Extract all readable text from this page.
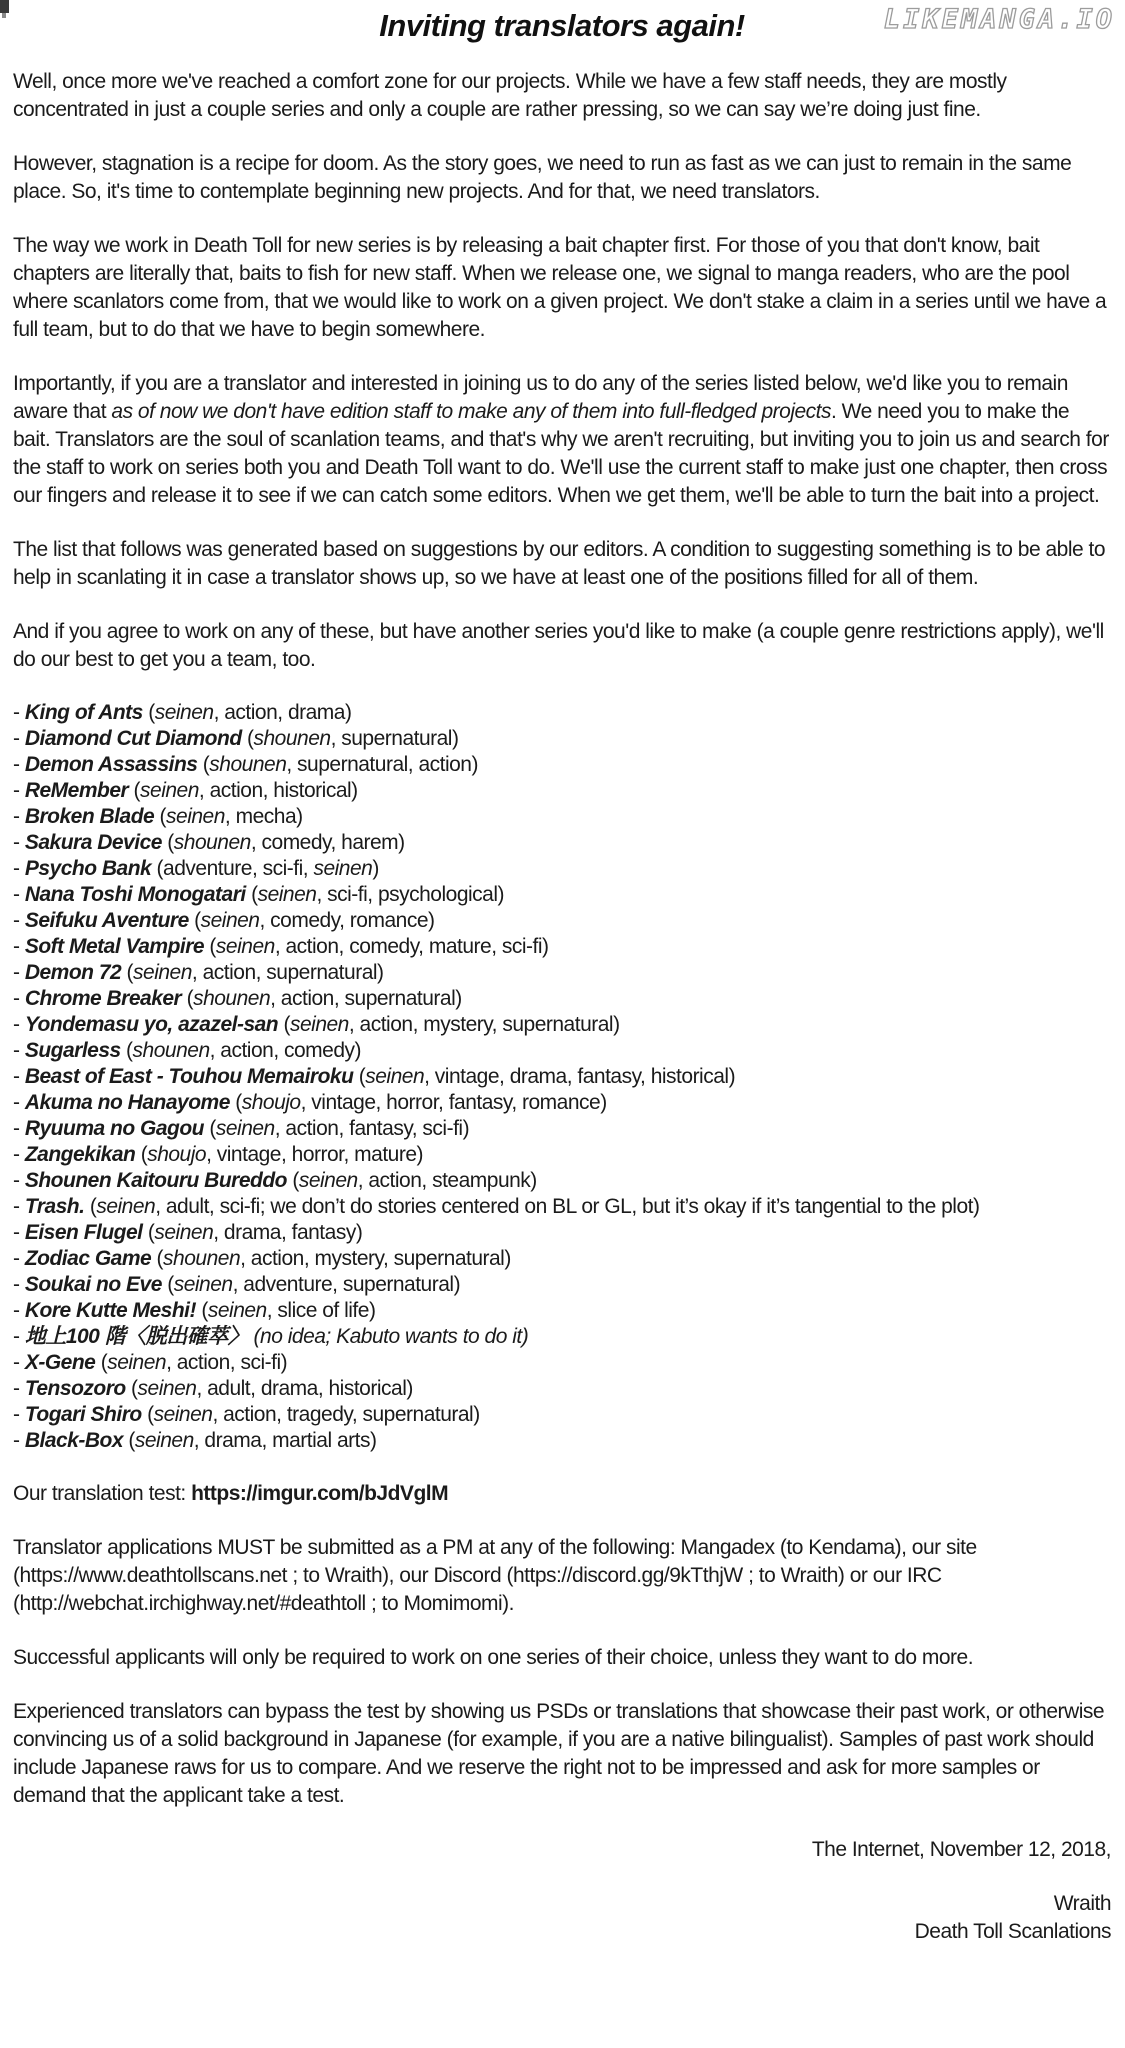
LIKEMANGA.IO
Inviting translators again!

Well, once more we've reached a comfort zone for our projects. While we have a few staff needs, they are mostly concentrated in just a couple series and only a couple are rather pressing, so we can say we’re doing just fine.

However, stagnation is a recipe for doom. As the story goes, we need to run as fast as we can just to remain in the same place. So, it's time to contemplate beginning new projects. And for that, we need translators.

The way we work in Death Toll for new series is by releasing a bait chapter first. For those of you that don't know, bait chapters are literally that, baits to fish for new staff. When we release one, we signal to manga readers, who are the pool where scanlators come from, that we would like to work on a given project. We don't stake a claim in a series until we have a full team, but to do that we have to begin somewhere.

Importantly, if you are a translator and interested in joining us to do any of the series listed below, we'd like you to remain aware that as of now we don't have edition staff to make any of them into full-fledged projects. We need you to make the bait. Translators are the soul of scanlation teams, and that's why we aren't recruiting, but inviting you to join us and search for the staff to work on series both you and Death Toll want to do. We'll use the current staff to make just one chapter, then cross our fingers and release it to see if we can catch some editors. When we get them, we'll be able to turn the bait into a project.

The list that follows was generated based on suggestions by our editors. A condition to suggesting something is to be able to help in scanlating it in case a translator shows up, so we have at least one of the positions filled for all of them.

And if you agree to work on any of these, but have another series you'd like to make (a couple genre restrictions apply), we'll do our best to get you a team, too.

- King of Ants (seinen, action, drama)
- Diamond Cut Diamond (shounen, supernatural)
- Demon Assassins (shounen, supernatural, action)
- ReMember (seinen, action, historical)
- Broken Blade (seinen, mecha)
- Sakura Device (shounen, comedy, harem)
- Psycho Bank (adventure, sci-fi, seinen)
- Nana Toshi Monogatari (seinen, sci-fi, psychological)
- Seifuku Aventure (seinen, comedy, romance)
- Soft Metal Vampire (seinen, action, comedy, mature, sci-fi)
- Demon 72 (seinen, action, supernatural)
- Chrome Breaker (shounen, action, supernatural)
- Yondemasu yo, azazel-san (seinen, action, mystery, supernatural)
- Sugarless (shounen, action, comedy)
- Beast of East - Touhou Memairoku (seinen, vintage, drama, fantasy, historical)
- Akuma no Hanayome (shoujo, vintage, horror, fantasy, romance)
- Ryuuma no Gagou (seinen, action, fantasy, sci-fi)
- Zangekikan (shoujo, vintage, horror, mature)
- Shounen Kaitouru Bureddo (seinen, action, steampunk)
- Trash. (seinen, adult, sci-fi; we don’t do stories centered on BL or GL, but it’s okay if it’s tangential to the plot)
- Eisen Flugel (seinen, drama, fantasy)
- Zodiac Game (shounen, action, mystery, supernatural)
- Soukai no Eve (seinen, adventure, supernatural)
- Kore Kutte Meshi! (seinen, slice of life)
- 地上100 階〈脱出確萃〉 (no idea; Kabuto wants to do it)
- X-Gene (seinen, action, sci-fi)
- Tensozoro (seinen, adult, drama, historical)
- Togari Shiro (seinen, action, tragedy, supernatural)
- Black-Box (seinen, drama, martial arts)

Our translation test: https://imgur.com/bJdVglM

Translator applications MUST be submitted as a PM at any of the following: Mangadex (to Kendama), our site (https://www.deathtollscans.net ; to Wraith), our Discord (https://discord.gg/9kTthjW ; to Wraith) or our IRC (http://webchat.irchighway.net/#deathtoll ; to Momimomi).

Successful applicants will only be required to work on one series of their choice, unless they want to do more.

Experienced translators can bypass the test by showing us PSDs or translations that showcase their past work, or otherwise convincing us of a solid background in Japanese (for example, if you are a native bilingualist). Samples of past work should include Japanese raws for us to compare. And we reserve the right not to be impressed and ask for more samples or demand that the applicant take a test.

The Internet, November 12, 2018,
Wraith
Death Toll Scanlations
